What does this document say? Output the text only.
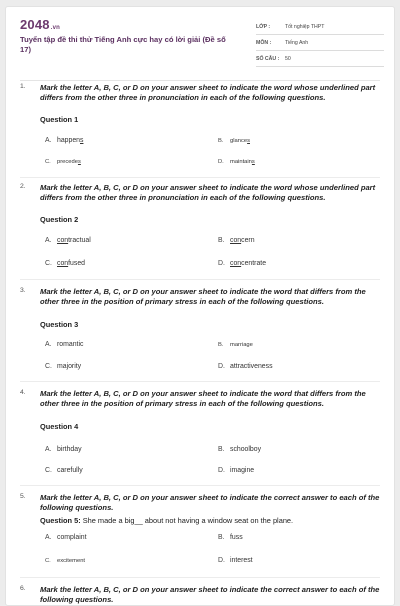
2048.vn
Tuyển tập đề thi thử Tiếng Anh cực hay có lời giải (Đề số 17)
LỚP :	Tốt nghiệp THPT
MÔN :	Tiếng Anh
SỐ CÂU :	50
1. Mark the letter A, B, C, or D on your answer sheet to indicate the word whose underlined part differs from the other three in pronunciation in each of the following questions.
Question 1
A. happens	B. glances
C. precedes	D. maintains
2. Mark the letter A, B, C, or D on your answer sheet to indicate the word whose underlined part differs from the other three in pronunciation in each of the following questions.
Question 2
A. contractual	B. concern
C. confused	D. concentrate
3. Mark the letter A, B, C, or D on your answer sheet to indicate the word that differs from the other three in the position of primary stress in each of the following questions.
Question 3
A. romantic	B. marriage
C. majority	D. attractiveness
4. Mark the letter A, B, C, or D on your answer sheet to indicate the word that differs from the other three in the position of primary stress in each of the following questions.
Question 4
A. birthday	B. schoolboy
C. carefully	D. imagine
5. Mark the letter A, B, C, or D on your answer sheet to indicate the correct answer to each of the following questions.
Question 5: She made a big__ about not having a window seat on the plane.
A. complaint	B. fuss
C. excitement	D. interest
6. Mark the letter A, B, C, or D on your answer sheet to indicate the correct answer to each of the following questions.
